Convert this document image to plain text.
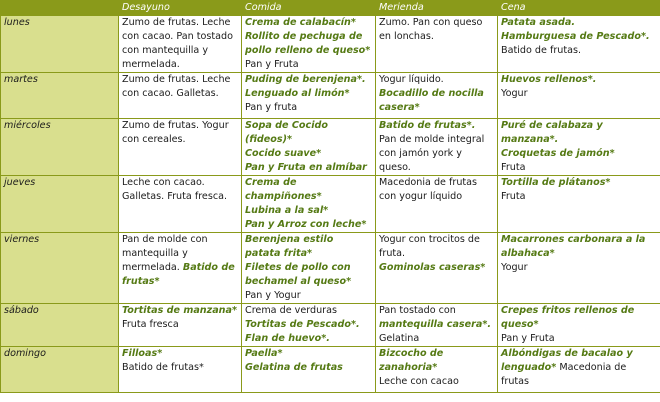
	Desayuno	Comida	Merienda	Cena
lunes	Zumo de frutas. Leche con cacao. Pan tostado con mantequilla y mermelada.	Crema de calabacín*
Rollito de pechuga de pollo relleno de queso*
Pan y Fruta	Zumo. Pan con queso en lonchas.	Patata asada.
Hamburguesa de Pescado*.
Batido de frutas.

martes	Zumo de frutas. Leche con cacao. Galletas.	Puding de berenjena*.
Lenguado al limón*
Pan y fruta	Yogur líquido.
Bocadillo de nocilla casera*	Huevos rellenos*.
Yogur

miércoles	Zumo de frutas. Yogur con cereales.	Sopa de Cocido (fideos)*
Cocido suave*
Pan y Fruta en almíbar	Batido de frutas*.
Pan de molde integral con jamón york y queso.	Puré de calabaza y manzana*.
Croquetas de jamón*
Fruta

jueves	Leche con cacao. Galletas. Fruta fresca.	Crema de champiñones*
Lubina a la sal*
Pan y Arroz con leche*	Macedonia de frutas con yogur líquido	Tortilla de plátanos*
Fruta

viernes	Pan de molde con mantequilla y mermelada. Batido de frutas*	Berenjena estilo patata frita*
Filetes de pollo con bechamel al queso*
Pan y Yogur	Yogur con trocitos de fruta.
Gominolas caseras*	Macarrones carbonara a la albahaca*
Yogur

sábado	Tortitas de manzana*
Fruta fresca	Crema de verduras
Tortitas de Pescado*.
Flan de huevo*.	Pan tostado con mantequilla casera*.
Gelatina	Crepes fritos rellenos de queso*
Pan y Fruta

domingo	Filloas*
Batido de frutas*	Paella*
Gelatina de frutas	Bizcocho de zanahoria*
Leche con cacao	Albóndigas de bacalao y lenguado* Macedonia de frutas
